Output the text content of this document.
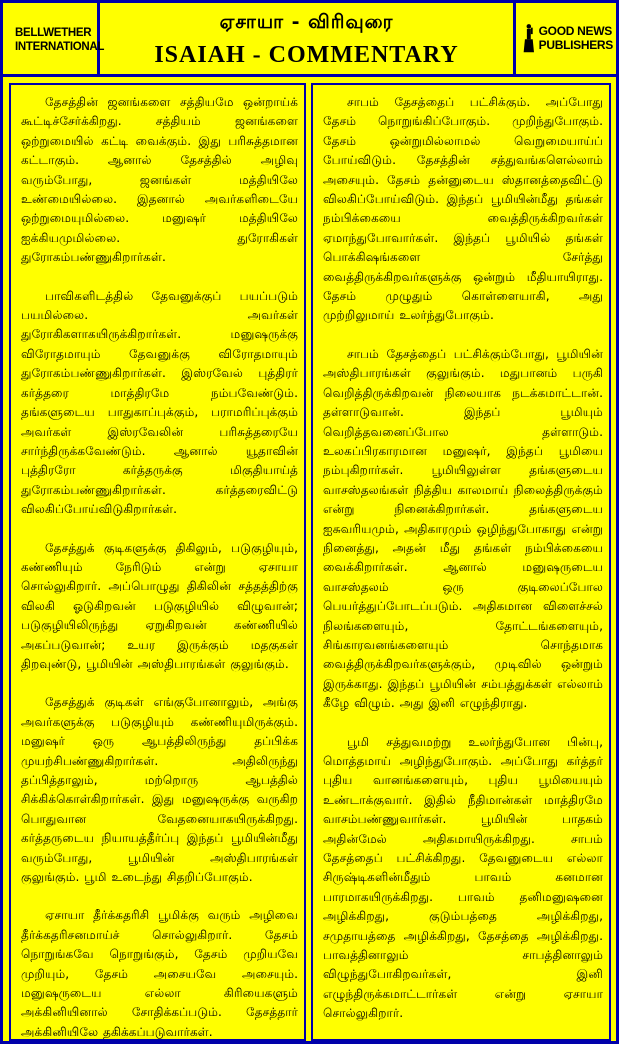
BELLWETHER
INTERNATIONAL
ஏசாயா - விரிவுரை
ISAIAH - COMMENTARY
GOOD NEWS
PUBLISHERS

தேசத்தின் ஜனங்களை சத்தியமே ஒன்றாய்க் கூட்டிச்சேர்க்கிறது. சத்தியம் ஜனங்களை ஒற்றுமையில் கட்டி வைக்கும். இது பரிசுத்தமான கட்டாகும். ஆனால் தேசத்தில் அழிவு வரும்போது, ஜனங்கள் மத்தியிலே உண்மையில்லை. இதனால் அவர்களிடையே ஒற்றுமையுமில்லை. மனுஷர் மத்தியிலே ஐக்கியமுமில்லை. துரோகிகள் துரோகம்பண்ணுகிறார்கள்.

பாவிகளிடத்தில் தேவனுக்குப் பயப்படும் பயமில்லை. அவர்கள் துரோகிகளாகயிருக்கிறார்கள். மனுஷருக்கு விரோதமாயும் தேவனுக்கு விரோதமாயும் துரோகம்பண்ணுகிறார்கள். இஸ்ரவேல் புத்திரர் கர்த்தரை மாத்திரமே நம்பவேண்டும். தங்களுடைய பாதுகாப்புக்கும், பராமரிப்புக்கும் அவர்கள் இஸ்ரவேலின் பரிசுத்தரையே சார்ந்திருக்கவேண்டும். ஆனால் யூதாவின் புத்திரரோ கர்த்தருக்கு மிகுதியாய்த் துரோகம்பண்ணுகிறார்கள். கர்த்தரைவிட்டு விலகிப்போய்விடுகிறார்கள்.

தேசத்துக் குடிகளுக்கு திகிலும், படுகுழியும், கண்ணியும் நேரிடும் என்று ஏசாயா சொல்லுகிறார். அப்பொழுது திகிலின் சத்தத்திற்கு விலகி ஓடுகிறவன் படுகுழியில் விழுவான்; படுகுழியிலிருந்து ஏறுகிறவன் கண்ணியில் அகப்படுவான்; உயர இருக்கும் மதகுகள் திறவுண்டு, பூமியின் அஸ்திபாரங்கள் குலுங்கும்.

தேசத்துக் குடிகள் எங்குபோனாலும், அங்கு அவர்களுக்கு படுகுழியும் கண்ணியுமிருக்கும். மனுஷர் ஒரு ஆபத்திலிருந்து தப்பிக்க முயற்சிபண்ணுகிறார்கள். அதிலிருந்து தப்பித்தாலும், மற்றொரு ஆபத்தில் சிக்கிக்கொள்கிறார்கள். இது மனுஷருக்கு வருகிற பொதுவான வேதனையாகயிருக்கிறது. கர்த்தருடைய நியாயத்தீர்ப்பு இந்தப் பூமியின்மீது வரும்போது, பூமியின் அஸ்திபாரங்கள் குலுங்கும். பூமி உடைந்து சிதறிப்போகும்.

ஏசாயா தீர்க்கதரிசி பூமிக்கு வரும் அழிவை தீர்க்கதரிசனமாய்ச் சொல்லுகிறார். தேசம் நொறுங்கவே நொறுங்கும், தேசம் முறியவே முறியும், தேசம் அசையவே அசையும். மனுஷருடைய எல்லா கிரியைகளும் அக்கினியினால் சோதிக்கப்படும். தேசத்தார் அக்கினியிலே தகிக்கப்படுவார்கள்.

சாபம் தேசத்தைப் பட்சிக்கும். அப்போது தேசம் நொறுங்கிப்போகும். முறிந்துபோகும். தேசம் ஒன்றுமில்லாமல் வெறுமையாய்ப் போய்விடும். தேசத்தின் சத்துவங்களெல்லாம் அசையும். தேசம் தன்னுடைய ஸ்தானத்தைவிட்டு விலகிப்போய்விடும். இந்தப் பூமியின்மீது தங்கள் நம்பிக்கையை வைத்திருக்கிறவர்கள் ஏமாந்துபோவார்கள். இந்தப் பூமியில் தங்கள் பொக்கிஷங்களை சேர்த்து வைத்திருக்கிறவர்களுக்கு ஒன்றும் மீதியாயிராது. தேசம் முழுதும் கொள்ளையாகி, அது முற்றிலுமாய் உலர்ந்துபோகும்.

சாபம் தேசத்தைப் பட்சிக்கும்போது, பூமியின் அஸ்திபாரங்கள் குலுங்கும். மதுபானம் பருகி வெறித்திருக்கிறவன் நிலையாக நடக்கமாட்டான். தள்ளாடுவான். இந்தப் பூமியும் வெறித்தவனைப்போல தள்ளாடும். உலகப்பிரகாரமான மனுஷர், இந்தப் பூமியை நம்புகிறார்கள். பூமியிலுள்ள தங்களுடைய வாசஸ்தலங்கள் நித்திய காலமாய் நிலைத்திருக்கும் என்று நினைக்கிறார்கள். தங்களுடைய ஐசுவரியமும், அதிகாரமும் ஒழிந்துபோகாது என்று நினைத்து, அதன் மீது தங்கள் நம்பிக்கையை வைக்கிறார்கள். ஆனால் மனுஷருடைய வாசஸ்தலம் ஒரு குடிலைப்போல பெயர்த்துப்போடப்படும். அதிகமான விளைச்சல் நிலங்களையும், தோட்டங்களையும், சிங்காரவனங்களையும் சொந்தமாக வைத்திருக்கிறவர்களுக்கும், முடிவில் ஒன்றும் இருக்காது. இந்தப் பூமியின் சம்பத்துக்கள் எல்லாம் கீழே விழும். அது இனி எழுந்திராது.

பூமி சத்துவமற்று உலர்ந்துபோன பின்பு, மொத்தமாய் அழிந்துபோகும். அப்போது கர்த்தர் புதிய வானங்களையும், புதிய பூமியையும் உண்டாக்குவார். இதில் நீதிமான்கள் மாத்திரமே வாசம்பண்ணுவார்கள். பூமியின் பாதகம் அதின்மேல் அதிகமாயிருக்கிறது. சாபம் தேசத்தைப் பட்சிக்கிறது. தேவனுடைய எல்லா சிருஷ்டிகளின்மீதும் பாவம் கனமான பாரமாகயிருக்கிறது. பாவம் தனிமனுஷனை அழிக்கிறது, குடும்பத்தை அழிக்கிறது, சமுதாயத்தை அழிக்கிறது, தேசத்தை அழிக்கிறது. பாவத்தினாலும் சாபத்தினாலும் விழுந்துபோகிறவர்கள், இனி எழுந்திருக்கமாட்டார்கள் என்று ஏசாயா சொல்லுகிறார்.
